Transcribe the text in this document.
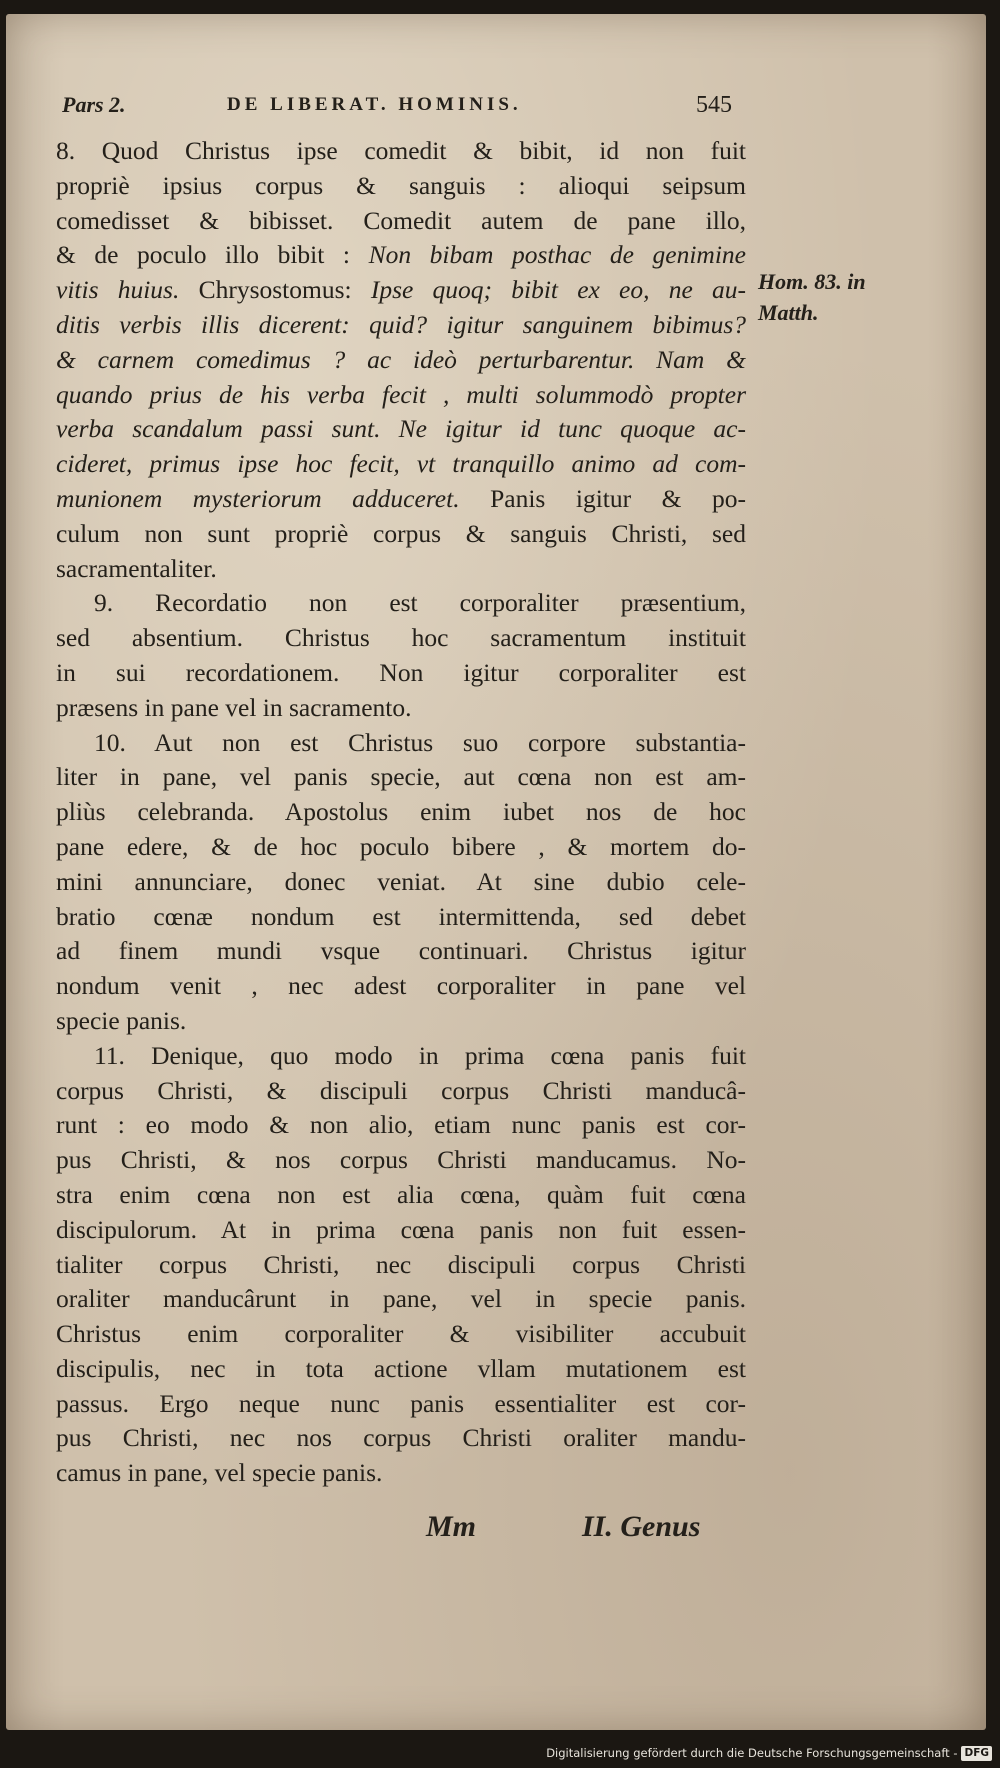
Pars 2.	DE LIBERAT. HOMINIS.	545
8. Quod Christus ipse comedit & bibit, id non fuit
propriè ipsius corpus & sanguis : alioqui seipsum
comedisset & bibisset. Comedit autem de pane illo,
& de poculo illo bibit : Non bibam posthac de genimine
vitis huius. Chrysostomus: Ipse quoq; bibit ex eo, ne au-
ditis verbis illis dicerent: quid? igitur sanguinem bibimus?
& carnem comedimus ? ac ideò perturbarentur. Nam &
quando prius de his verba fecit , multi solummodò propter
verba scandalum passi sunt. Ne igitur id tunc quoque ac-
cideret, primus ipse hoc fecit, vt tranquillo animo ad com-
munionem mysteriorum adduceret. Panis igitur & po-
culum non sunt propriè corpus & sanguis Christi, sed
sacramentaliter.
9. Recordatio non est corporaliter præsentium,
sed absentium. Christus hoc sacramentum instituit
in sui recordationem. Non igitur corporaliter est
præsens in pane vel in sacramento.
10. Aut non est Christus suo corpore substantia-
liter in pane, vel panis specie, aut cœna non est am-
pliùs celebranda. Apostolus enim iubet nos de hoc
pane edere, & de hoc poculo bibere , & mortem do-
mini annunciare, donec veniat. At sine dubio cele-
bratio cœnæ nondum est intermittenda, sed debet
ad finem mundi vsque continuari. Christus igitur
nondum venit , nec adest corporaliter in pane vel
specie panis.
11. Denique, quo modo in prima cœna panis fuit
corpus Christi, & discipuli corpus Christi manducâ-
runt : eo modo & non alio, etiam nunc panis est cor-
pus Christi, & nos corpus Christi manducamus. No-
stra enim cœna non est alia cœna, quàm fuit cœna
discipulorum. At in prima cœna panis non fuit essen-
tialiter corpus Christi, nec discipuli corpus Christi
oraliter manducârunt in pane, vel in specie panis.
Christus enim corporaliter & visibiliter accubuit
discipulis, nec in tota actione vllam mutationem est
passus. Ergo neque nunc panis essentialiter est cor-
pus Christi, nec nos corpus Christi oraliter mandu-
camus in pane, vel specie panis.
Hom. 83. in
Matth.
Mm	II. Genus
Digitalisierung gefördert durch die Deutsche Forschungsgemeinschaft - DFG
